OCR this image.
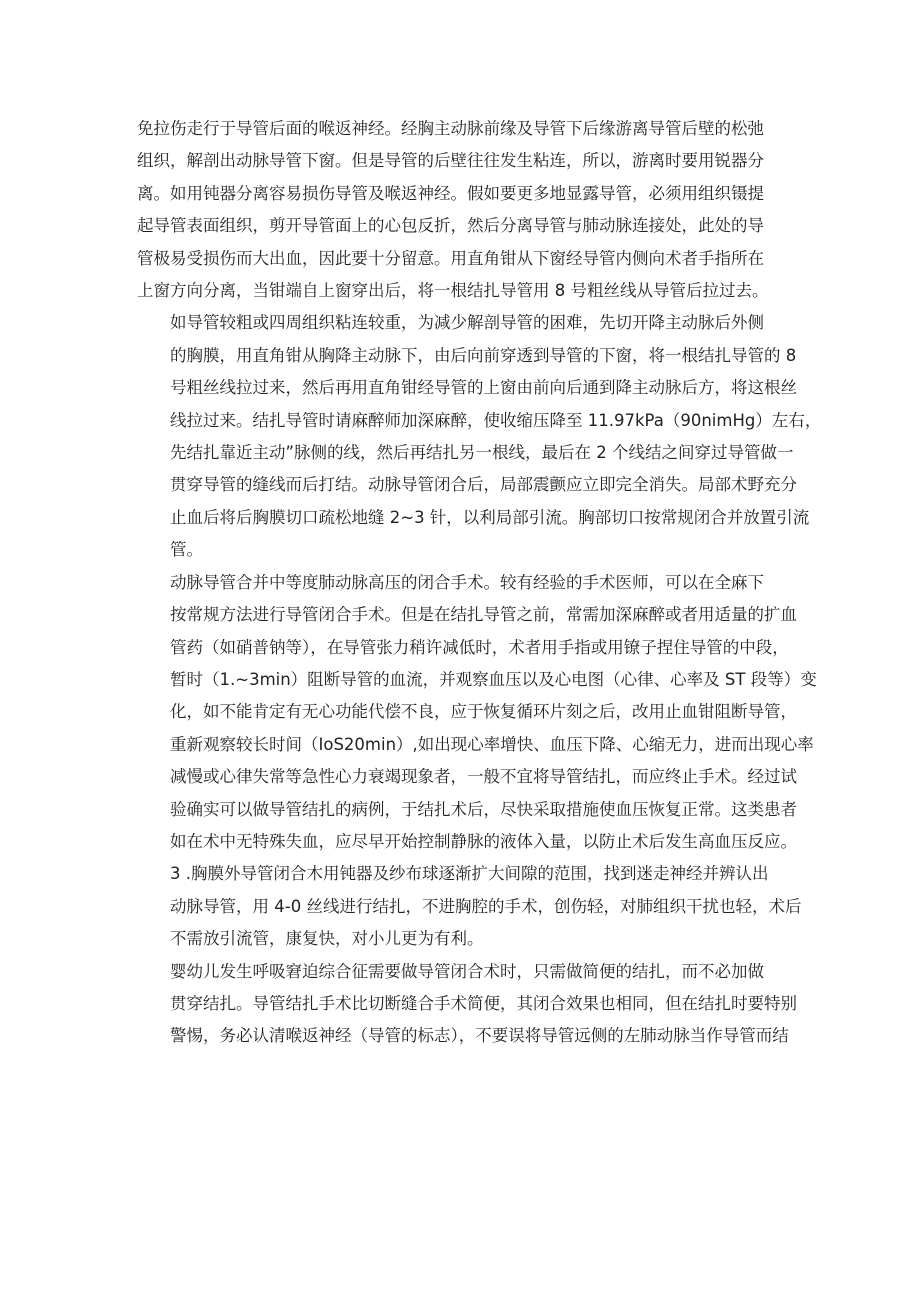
免拉伤走行于导管后面的喉返神经。经胸主动脉前缘及导管下后缘游离导管后壁的松弛
组织，解剖出动脉导管下窗。但是导管的后壁往往发生粘连，所以，游离时要用锐器分
离。如用钝器分离容易损伤导管及喉返神经。假如要更多地显露导管，必须用组织镊提
起导管表面组织，剪开导管面上的心包反折，然后分离导管与肺动脉连接处，此处的导
管极易受损伤而大出血，因此要十分留意。用直角钳从下窗经导管内侧向术者手指所在
上窗方向分离，当钳端自上窗穿出后，将一根结扎导管用 8 号粗丝线从导管后拉过去。
如导管较粗或四周组织粘连较重，为减少解剖导管的困难，先切开降主动脉后外侧
的胸膜，用直角钳从胸降主动脉下，由后向前穿透到导管的下窗，将一根结扎导管的 8
号粗丝线拉过来，然后再用直角钳经导管的上窗由前向后通到降主动脉后方，将这根丝
线拉过来。结扎导管时请麻醉师加深麻醉，使收缩压降至 11.97kPa（90nimHg）左右，
先结扎靠近主动”脉侧的线，然后再结扎另一根线，最后在 2 个线结之间穿过导管做一
贯穿导管的缝线而后打结。动脉导管闭合后，局部震颤应立即完全消失。局部术野充分
止血后将后胸膜切口疏松地缝 2~3 针，以利局部引流。胸部切口按常规闭合并放置引流
管。
动脉导管合并中等度肺动脉高压的闭合手术。较有经验的手术医师，可以在全麻下
按常规方法进行导管闭合手术。但是在结扎导管之前，常需加深麻醉或者用适量的扩血
管药（如硝普钠等），在导管张力稍许减低时，术者用手指或用镣子捏住导管的中段，
暂时（1.~3min）阻断导管的血流，并观察血压以及心电图（心律、心率及 ST 段等）变
化，如不能肯定有无心功能代偿不良，应于恢复循环片刻之后，改用止血钳阻断导管，
重新观察较长时间（IoS20min）,如出现心率增快、血压下降、心缩无力，进而出现心率
减慢或心律失常等急性心力衰竭现象者，一般不宜将导管结扎，而应终止手术。经过试
验确实可以做导管结扎的病例，于结扎术后，尽快采取措施使血压恢复正常。这类患者
如在术中无特殊失血，应尽早开始控制静脉的液体入量，以防止术后发生高血压反应。
3 .胸膜外导管闭合木用钝器及纱布球逐渐扩大间隙的范围，找到迷走神经并辨认出
动脉导管，用 4-0 丝线进行结扎，不进胸腔的手术，创伤轻，对肺组织干扰也轻，术后
不需放引流管，康复快，对小儿更为有利。
婴幼儿发生呼吸窘迫综合征需要做导管闭合术时，只需做简便的结扎，而不必加做
贯穿结扎。导管结扎手术比切断缝合手术简便，其闭合效果也相同，但在结扎时要特别
警惕，务必认清喉返神经（导管的标志），不要误将导管远侧的左肺动脉当作导管而结
